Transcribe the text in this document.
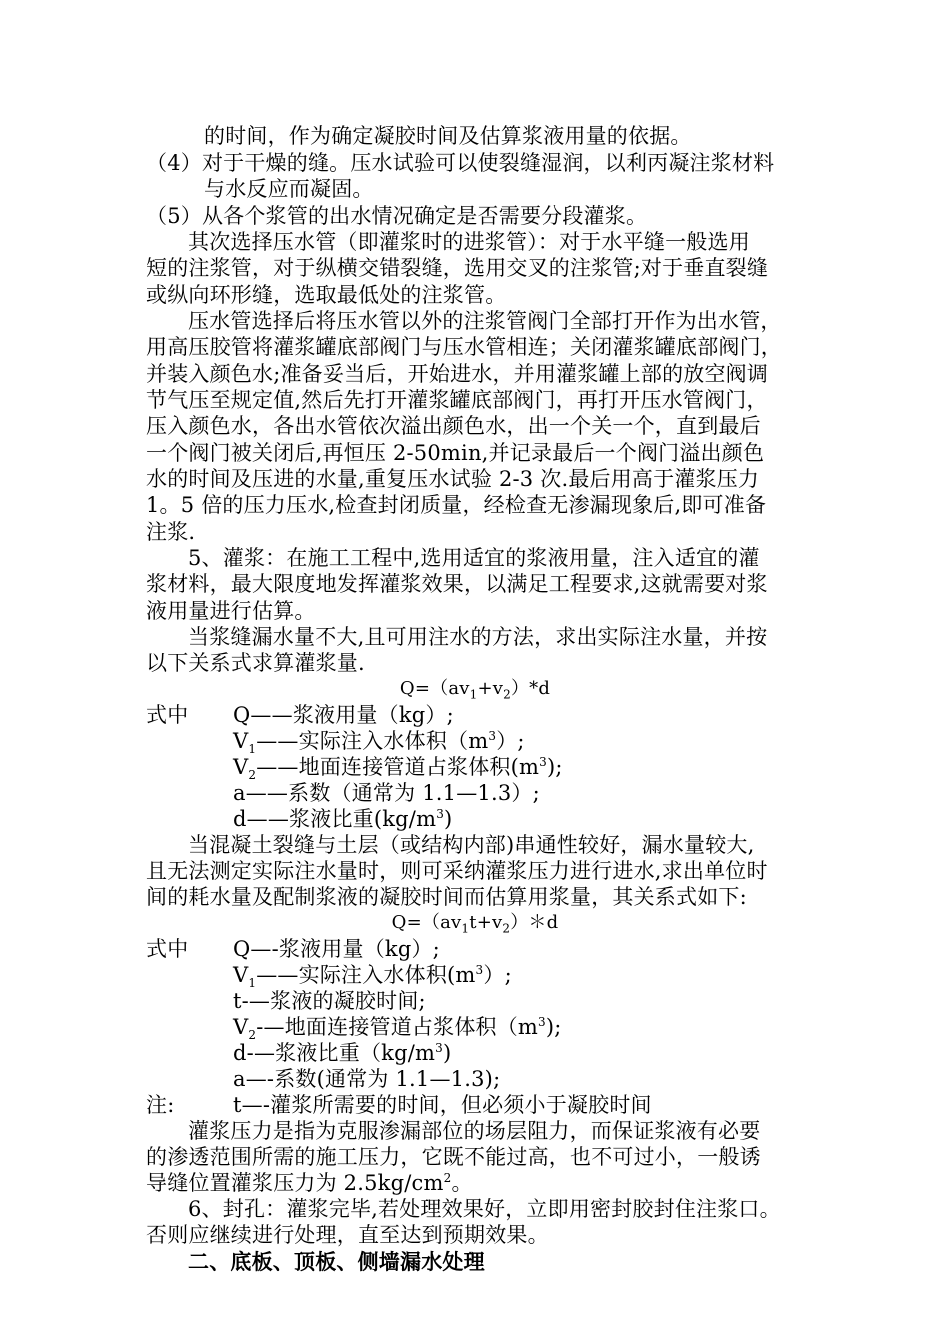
的时间，作为确定凝胶时间及估算浆液用量的依据。
（4）对于干燥的缝。压水试验可以使裂缝湿润，以利丙凝注浆材料
与水反应而凝固。
（5）从各个浆管的出水情况确定是否需要分段灌浆。
其次选择压水管（即灌浆时的进浆管）：对于水平缝一般选用
短的注浆管，对于纵横交错裂缝，选用交叉的注浆管;对于垂直裂缝
或纵向环形缝，选取最低处的注浆管。
压水管选择后将压水管以外的注浆管阀门全部打开作为出水管，
用高压胶管将灌浆罐底部阀门与压水管相连；关闭灌浆罐底部阀门，
并装入颜色水;准备妥当后，开始进水，并用灌浆罐上部的放空阀调
节气压至规定值,然后先打开灌浆罐底部阀门，再打开压水管阀门，
压入颜色水，各出水管依次溢出颜色水，出一个关一个，直到最后
一个阀门被关闭后,再恒压 2-50min,并记录最后一个阀门溢出颜色
水的时间及压进的水量,重复压水试验 2-3 次.最后用高于灌浆压力
1。5 倍的压力压水,检查封闭质量，经检查无渗漏现象后,即可准备
注浆.
5、灌浆：在施工工程中,选用适宜的浆液用量，注入适宜的灌
浆材料，最大限度地发挥灌浆效果，以满足工程要求,这就需要对浆
液用量进行估算。
当浆缝漏水量不大,且可用注水的方法，求出实际注水量，并按
以下关系式求算灌浆量.
$Q=(av_1+v_2)*d$
式中 Q——浆液用量（kg）;
$V_1——$实际注入水体积$(m^3)$;
$V_2——$地面连接管道占浆体积$(m^3)$;
a——系数（通常为 1.1—1.3）;
d——浆液比重$(kg/m^3)$
当混凝土裂缝与土层（或结构内部)串通性较好，漏水量较大,
且无法测定实际注水量时，则可采纳灌浆压力进行进水,求出单位时
间的耗水量及配制浆液的凝胶时间而估算用浆量，其关系式如下:
$Q=(av_1t+v_2)*d$
式中 Q—-浆液用量（kg）;
$V_1——$实际注入水体积$(m^3)$;
t-—浆液的凝胶时间;
$V_2-—$地面连接管道占浆体积$(m^3)$;
d-—浆液比重$(kg/m^3)$
a—-系数(通常为 1.1—1.3);
注:	t—-灌浆所需要的时间，但必须小于凝胶时间
灌浆压力是指为克服渗漏部位的场层阻力，而保证浆液有必要
的渗透范围所需的施工压力，它既不能过高，也不可过小，一般诱
导缝位置灌浆压力为 $2.5kg/cm^2$。
6、封孔：灌浆完毕,若处理效果好，立即用密封胶封住注浆口。
否则应继续进行处理，直至达到预期效果。
二、底板、顶板、侧墙漏水处理
